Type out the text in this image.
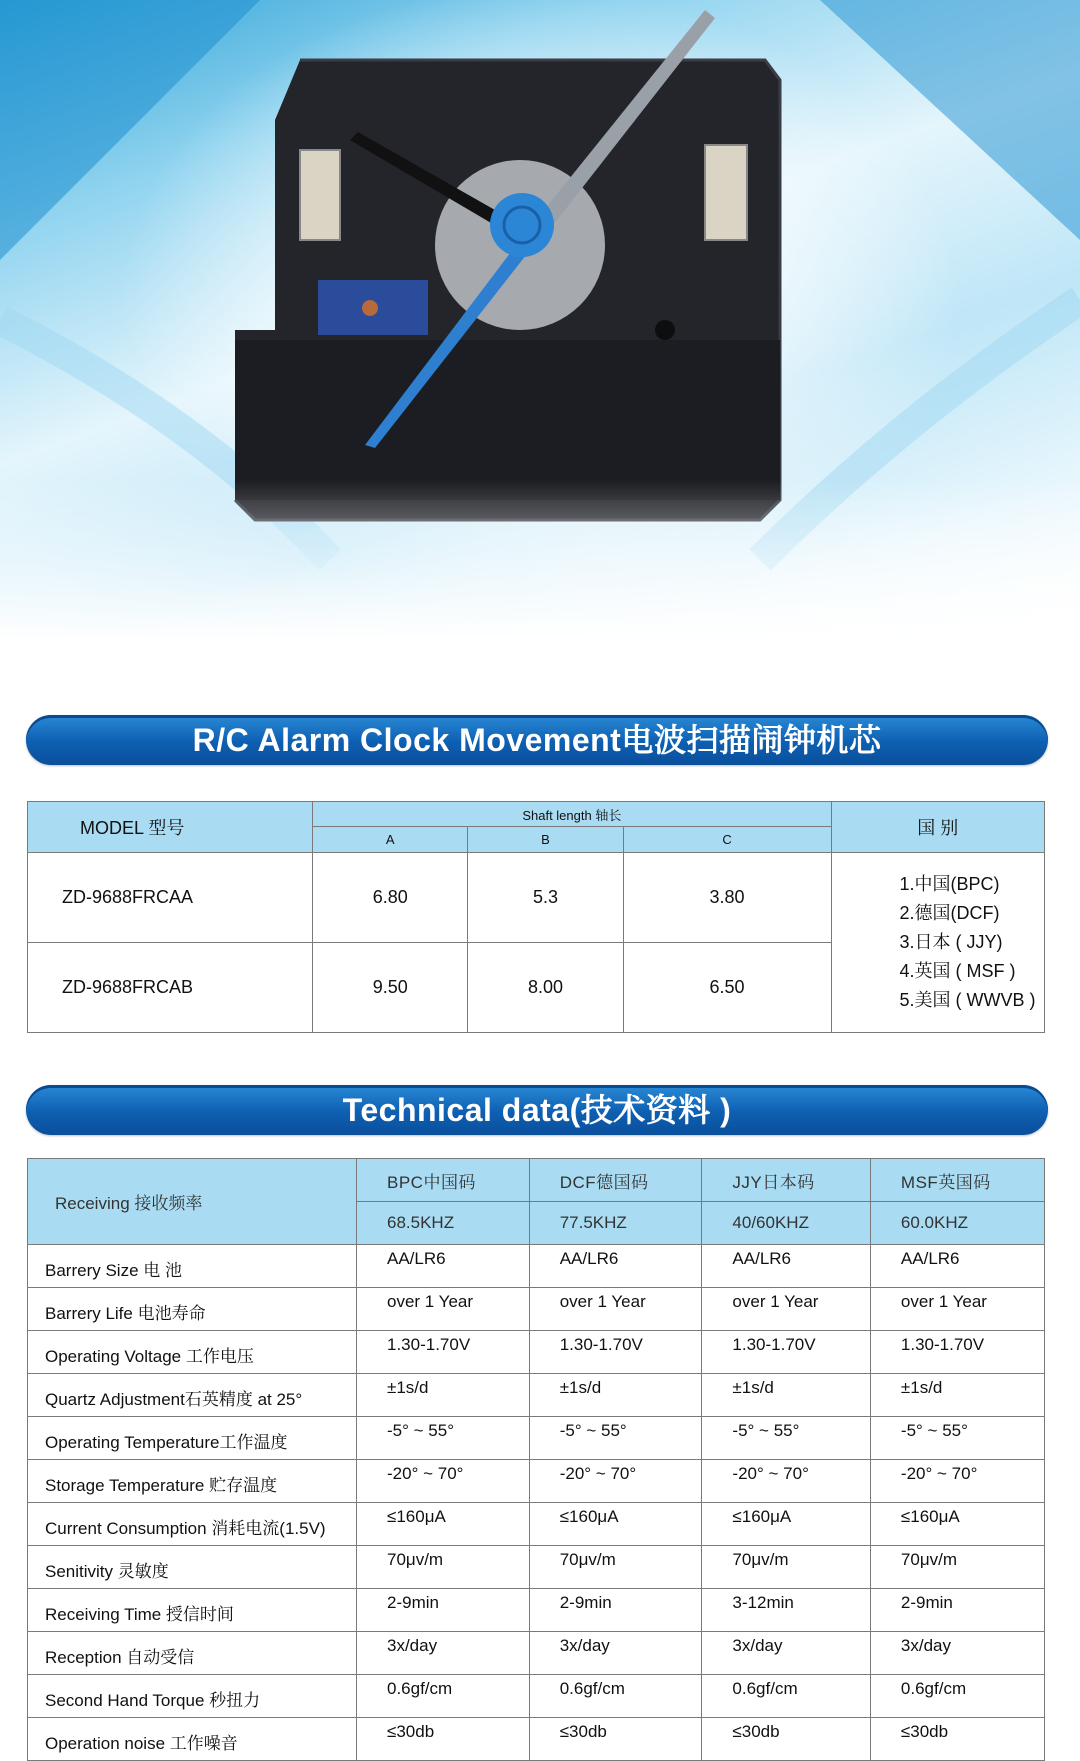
R/C Alarm Clock Movement电波扫描闹钟机芯
MODEL 型号	Shaft length 轴长			国 别
	A	B	C	
ZD-9688FRCAA	6.80	5.3	3.80	1.中国(BPC)
2.德国(DCF)
3.日本 ( JJY)
4.英国 ( MSF )
5.美国 ( WWVB )

ZD-9688FRCAB	9.50	8.00	6.50	
Technical data(技术资料 )
Receiving 接收频率	BPC中国码	DCF德国码	JJY日本码	MSF英国码
	68.5KHZ	77.5KHZ	40/60KHZ	60.0KHZ
Barrery Size 电 池	AA/LR6	AA/LR6	AA/LR6	AA/LR6
Barrery Life 电池寿命	over 1 Year	over 1 Year	over 1 Year	over 1 Year
Operating Voltage 工作电压	1.30-1.70V	1.30-1.70V	1.30-1.70V	1.30-1.70V
Quartz Adjustment石英精度 at 25°	±1s/d	±1s/d	±1s/d	±1s/d
Operating Temperature工作温度	-5° ~ 55°	-5° ~ 55°	-5° ~ 55°	-5° ~ 55°
Storage Temperature 贮存温度	-20° ~ 70°	-20° ~ 70°	-20° ~ 70°	-20° ~ 70°
Current Consumption 消耗电流(1.5V)	≤160μA	≤160μA	≤160μA	≤160μA
Senitivity 灵敏度	70μv/m	70μv/m	70μv/m	70μv/m
Receiving Time 授信时间	2-9min	2-9min	3-12min	2-9min
Reception 自动受信	3x/day	3x/day	3x/day	3x/day
Second Hand Torque 秒扭力	0.6gf/cm	0.6gf/cm	0.6gf/cm	0.6gf/cm
Operation noise 工作噪音	≤30db	≤30db	≤30db	≤30db
